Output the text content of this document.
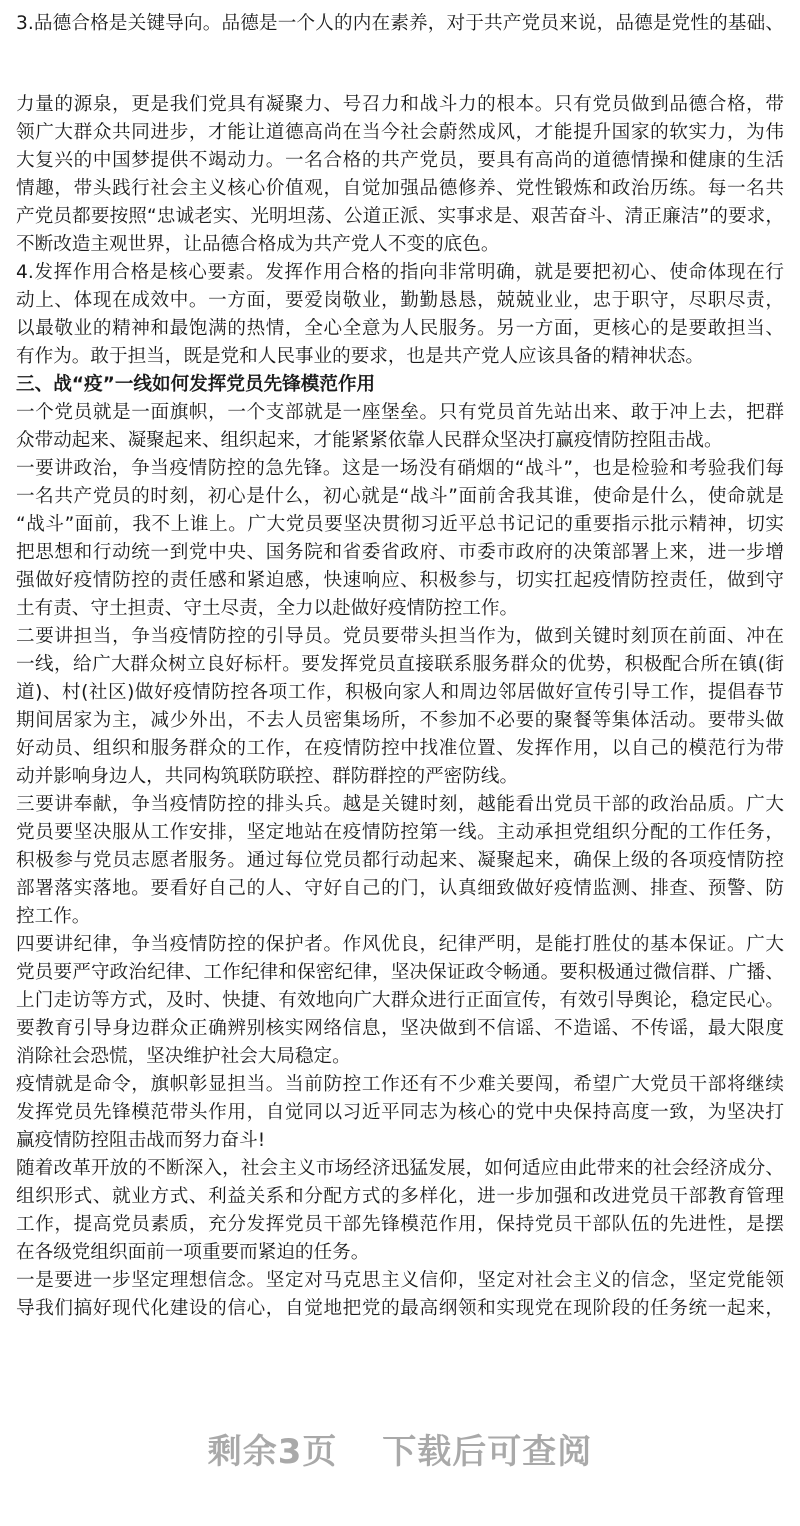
3.品德合格是关键导向。品德是一个人的内在素养，对于共产党员来说，品德是党性的基础、
力量的源泉，更是我们党具有凝聚力、号召力和战斗力的根本。只有党员做到品德合格，带
领广大群众共同进步，才能让道德高尚在当今社会蔚然成风，才能提升国家的软实力，为伟
大复兴的中国梦提供不竭动力。一名合格的共产党员，要具有高尚的道德情操和健康的生活
情趣，带头践行社会主义核心价值观，自觉加强品德修养、党性锻炼和政治历练。每一名共
产党员都要按照“忠诚老实、光明坦荡、公道正派、实事求是、艰苦奋斗、清正廉洁”的要求，
不断改造主观世界，让品德合格成为共产党人不变的底色。
4.发挥作用合格是核心要素。发挥作用合格的指向非常明确，就是要把初心、使命体现在行
动上、体现在成效中。一方面，要爱岗敬业，勤勤恳恳，兢兢业业，忠于职守，尽职尽责，
以最敬业的精神和最饱满的热情，全心全意为人民服务。另一方面，更核心的是要敢担当、
有作为。敢于担当，既是党和人民事业的要求，也是共产党人应该具备的精神状态。
三、战“疫”一线如何发挥党员先锋模范作用
一个党员就是一面旗帜，一个支部就是一座堡垒。只有党员首先站出来、敢于冲上去，把群
众带动起来、凝聚起来、组织起来，才能紧紧依靠人民群众坚决打赢疫情防控阻击战。
一要讲政治，争当疫情防控的急先锋。这是一场没有硝烟的“战斗”，也是检验和考验我们每
一名共产党员的时刻，初心是什么，初心就是“战斗”面前舍我其谁，使命是什么，使命就是
“战斗”面前，我不上谁上。广大党员要坚决贯彻习近平总书记记的重要指示批示精神，切实
把思想和行动统一到党中央、国务院和省委省政府、市委市政府的决策部署上来，进一步增
强做好疫情防控的责任感和紧迫感，快速响应、积极参与，切实扛起疫情防控责任，做到守
土有责、守土担责、守土尽责，全力以赴做好疫情防控工作。
二要讲担当，争当疫情防控的引导员。党员要带头担当作为，做到关键时刻顶在前面、冲在
一线，给广大群众树立良好标杆。要发挥党员直接联系服务群众的优势，积极配合所在镇(街
道)、村(社区)做好疫情防控各项工作，积极向家人和周边邻居做好宣传引导工作，提倡春节
期间居家为主，减少外出，不去人员密集场所，不参加不必要的聚餐等集体活动。要带头做
好动员、组织和服务群众的工作，在疫情防控中找准位置、发挥作用，以自己的模范行为带
动并影响身边人，共同构筑联防联控、群防群控的严密防线。
三要讲奉献，争当疫情防控的排头兵。越是关键时刻，越能看出党员干部的政治品质。广大
党员要坚决服从工作安排，坚定地站在疫情防控第一线。主动承担党组织分配的工作任务，
积极参与党员志愿者服务。通过每位党员都行动起来、凝聚起来，确保上级的各项疫情防控
部署落实落地。要看好自己的人、守好自己的门，认真细致做好疫情监测、排查、预警、防
控工作。
四要讲纪律，争当疫情防控的保护者。作风优良，纪律严明，是能打胜仗的基本保证。广大
党员要严守政治纪律、工作纪律和保密纪律，坚决保证政令畅通。要积极通过微信群、广播、
上门走访等方式，及时、快捷、有效地向广大群众进行正面宣传，有效引导舆论，稳定民心。
要教育引导身边群众正确辨别核实网络信息，坚决做到不信谣、不造谣、不传谣，最大限度
消除社会恐慌，坚决维护社会大局稳定。
疫情就是命令，旗帜彰显担当。当前防控工作还有不少难关要闯，希望广大党员干部将继续
发挥党员先锋模范带头作用，自觉同以习近平同志为核心的党中央保持高度一致，为坚决打
赢疫情防控阻击战而努力奋斗!
随着改革开放的不断深入，社会主义市场经济迅猛发展，如何适应由此带来的社会经济成分、
组织形式、就业方式、利益关系和分配方式的多样化，进一步加强和改进党员干部教育管理
工作，提高党员素质，充分发挥党员干部先锋模范作用，保持党员干部队伍的先进性，是摆
在各级党组织面前一项重要而紧迫的任务。
一是要进一步坚定理想信念。坚定对马克思主义信仰，坚定对社会主义的信念，坚定党能领
导我们搞好现代化建设的信心，自觉地把党的最高纲领和实现党在现阶段的任务统一起来，
剩余3页 下载后可查阅
